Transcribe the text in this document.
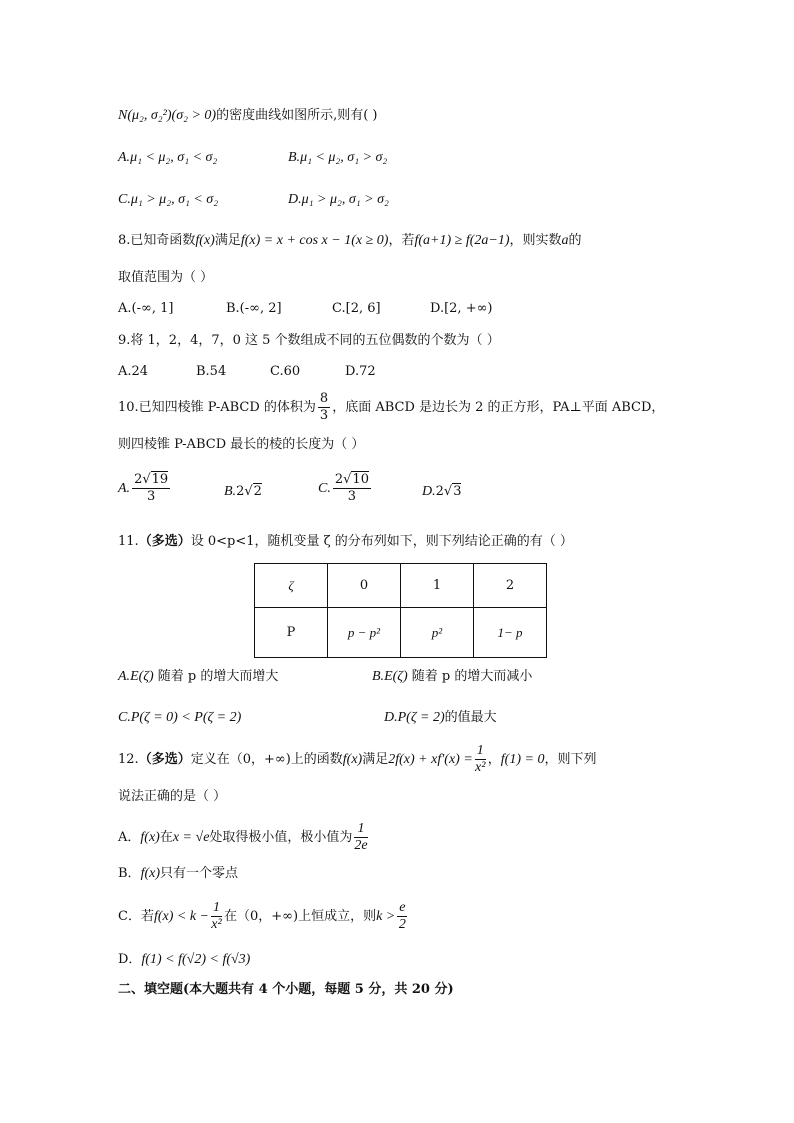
N(μ₂, σ₂²)(σ₂ > 0)的密度曲线如图所示,则有( )
A.μ₁ < μ₂, σ₁ < σ₂	B.μ₁ < μ₂, σ₁ > σ₂
C.μ₁ > μ₂, σ₁ < σ₂	D.μ₁ > μ₂, σ₁ > σ₂
8.已知奇函数f(x)满足f(x) = x + cos x − 1(x ≥ 0)，若f(a+1) ≥ f(2a−1)，则实数a的
取值范围为（ ）
A.(-∞, 1]	B.(-∞, 2]	C.[2, 6]	D.[2, +∞)
9.将 1，2，4，7，0 这 5 个数组成不同的五位偶数的个数为（ ）
A.24	B.54	C.60	D.72
10.已知四棱锥 P-ABCD 的体积为 $\frac{8}{3}$ ，底面 ABCD 是边长为 2 的正方形，PA⊥平面 ABCD，
则四棱锥 P-ABCD 最长的棱的长度为（ ）
A. $\frac{2√19}{3}$	B.2√2	C. $\frac{2√10}{3}$	D.2√3
11.（多选）设 0<p<1，随机变量 ζ 的分布列如下，则下列结论正确的有（ ）
ζ	0	1	2
P	p − p²	p²	1− p
A.E(ζ) 随着 p 的增大而增大	B.E(ζ) 随着 p 的增大而减小
C.P(ζ = 0) < P(ζ = 2)	D.P(ζ = 2)的值最大
12.（多选）定义在（0，+∞)上的函数f(x)满足$2f(x) + xf'(x) = \frac{1}{\text{x²}}$ ，f(1) = 0，则下列
说法正确的是（ ）
A．f(x)在x = √e处取得极小值，极小值为 $\frac{1}{2e}$
B．f(x)只有一个零点
C．若$f(x) < k - \frac{1}{\text{x²}}$ 在（0，+∞)上恒成立，则$k > \frac{e}{2}$
D．f(1) < f(√2) < f(√3)
二、填空题(本大题共有 4 个小题，每题 5 分，共 20 分)
